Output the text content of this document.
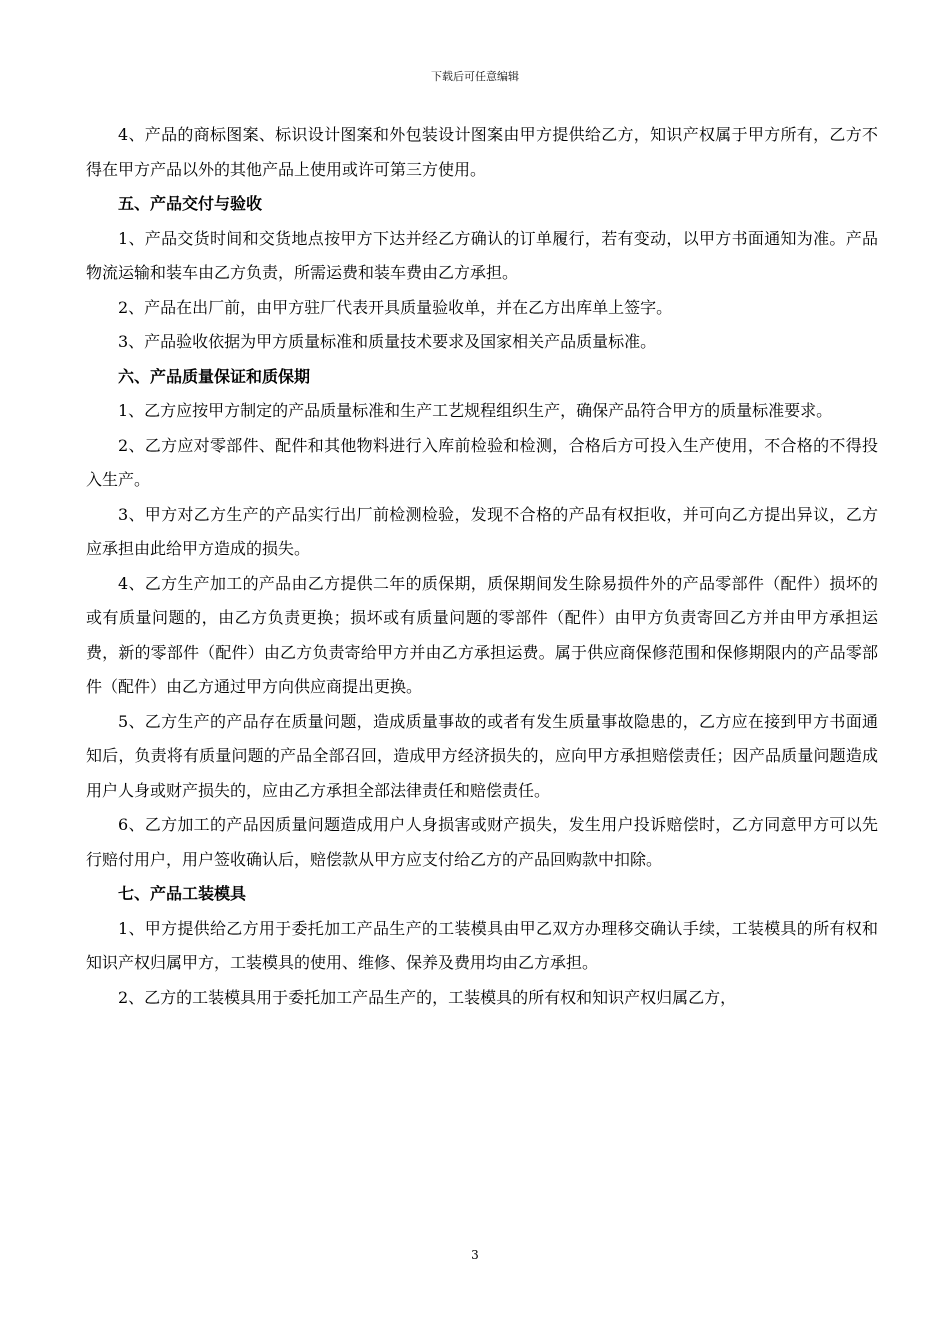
下载后可任意编辑

4、产品的商标图案、标识设计图案和外包装设计图案由甲方提供给乙方，知识产权属于甲方所有，乙方不得在甲方产品以外的其他产品上使用或许可第三方使用。

五、产品交付与验收

1、产品交货时间和交货地点按甲方下达并经乙方确认的订单履行，若有变动，以甲方书面通知为准。产品物流运输和装车由乙方负责，所需运费和装车费由乙方承担。

2、产品在出厂前，由甲方驻厂代表开具质量验收单，并在乙方出库单上签字。

3、产品验收依据为甲方质量标准和质量技术要求及国家相关产品质量标准。

六、产品质量保证和质保期

1、乙方应按甲方制定的产品质量标准和生产工艺规程组织生产，确保产品符合甲方的质量标准要求。

2、乙方应对零部件、配件和其他物料进行入库前检验和检测，合格后方可投入生产使用，不合格的不得投入生产。

3、甲方对乙方生产的产品实行出厂前检测检验，发现不合格的产品有权拒收，并可向乙方提出异议，乙方应承担由此给甲方造成的损失。

4、乙方生产加工的产品由乙方提供二年的质保期，质保期间发生除易损件外的产品零部件（配件）损坏的或有质量问题的，由乙方负责更换；损坏或有质量问题的零部件（配件）由甲方负责寄回乙方并由甲方承担运费，新的零部件（配件）由乙方负责寄给甲方并由乙方承担运费。属于供应商保修范围和保修期限内的产品零部件（配件）由乙方通过甲方向供应商提出更换。

5、乙方生产的产品存在质量问题，造成质量事故的或者有发生质量事故隐患的，乙方应在接到甲方书面通知后，负责将有质量问题的产品全部召回，造成甲方经济损失的，应向甲方承担赔偿责任；因产品质量问题造成用户人身或财产损失的，应由乙方承担全部法律责任和赔偿责任。

6、乙方加工的产品因质量问题造成用户人身损害或财产损失，发生用户投诉赔偿时，乙方同意甲方可以先行赔付用户，用户签收确认后，赔偿款从甲方应支付给乙方的产品回购款中扣除。

七、产品工装模具

1、甲方提供给乙方用于委托加工产品生产的工装模具由甲乙双方办理移交确认手续，工装模具的所有权和知识产权归属甲方，工装模具的使用、维修、保养及费用均由乙方承担。

2、乙方的工装模具用于委托加工产品生产的，工装模具的所有权和知识产权归属乙方，

3
